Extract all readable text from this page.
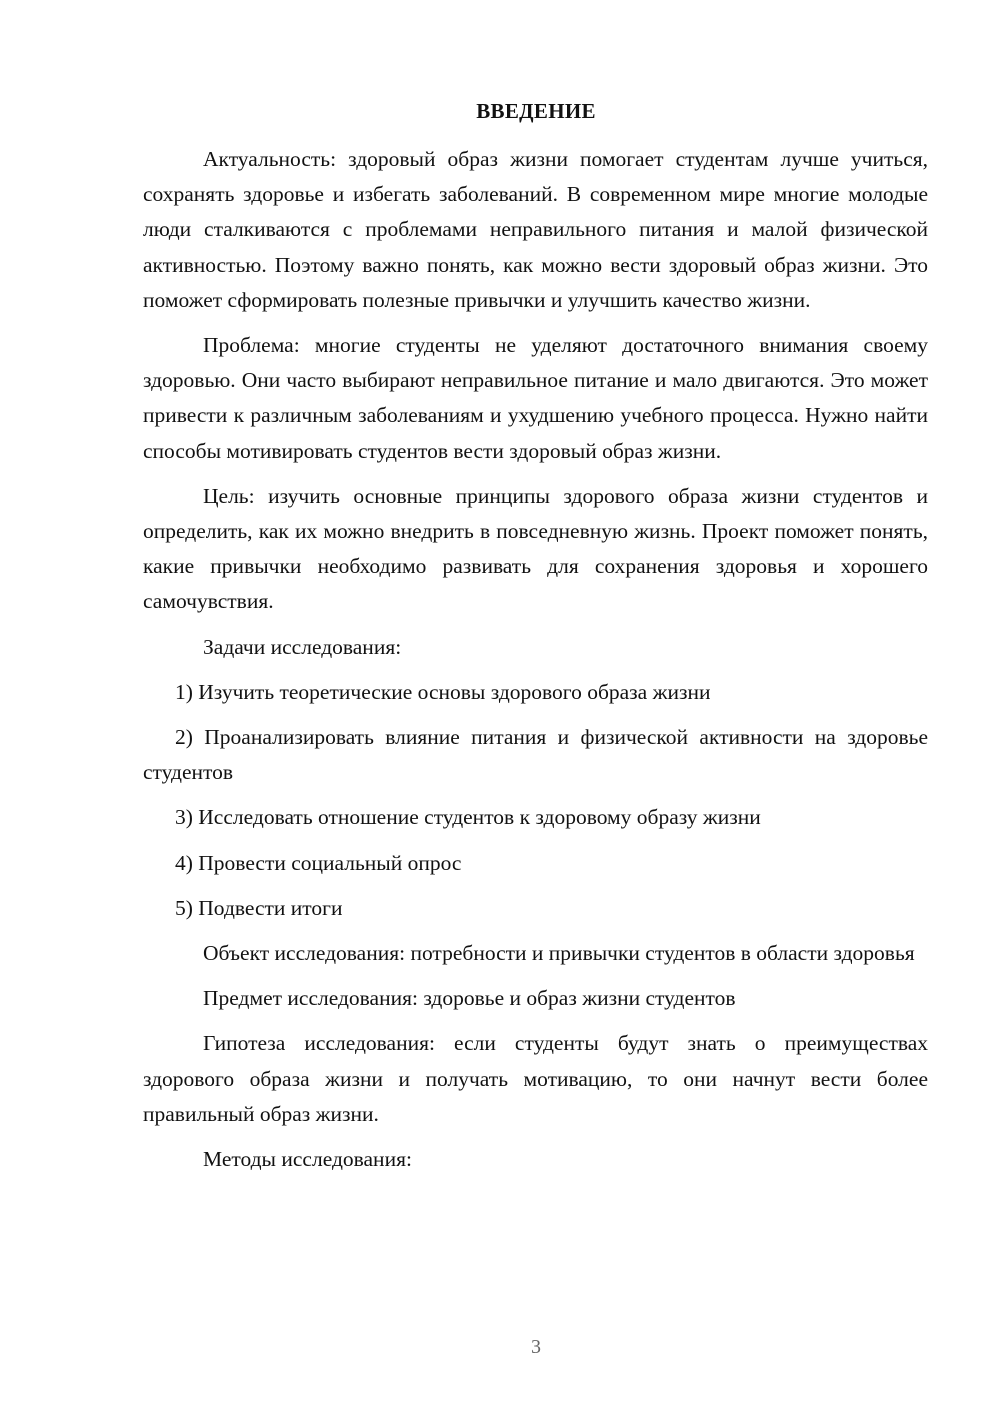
ВВЕДЕНИЕ

Актуальность: здоровый образ жизни помогает студентам лучше учиться, сохранять здоровье и избегать заболеваний. В современном мире многие молодые люди сталкиваются с проблемами неправильного питания и малой физической активностью. Поэтому важно понять, как можно вести здоровый образ жизни. Это поможет сформировать полезные привычки и улучшить качество жизни.

Проблема: многие студенты не уделяют достаточного внимания своему здоровью. Они часто выбирают неправильное питание и мало двигаются. Это может привести к различным заболеваниям и ухудшению учебного процесса. Нужно найти способы мотивировать студентов вести здоровый образ жизни.

Цель: изучить основные принципы здорового образа жизни студентов и определить, как их можно внедрить в повседневную жизнь. Проект поможет понять, какие привычки необходимо развивать для сохранения здоровья и хорошего самочувствия.

Задачи исследования:

1) Изучить теоретические основы здорового образа жизни

2) Проанализировать влияние питания и физической активности на здоровье студентов

3) Исследовать отношение студентов к здоровому образу жизни

4) Провести социальный опрос

5) Подвести итоги

Объект исследования: потребности и привычки студентов в области здоровья

Предмет исследования: здоровье и образ жизни студентов

Гипотеза исследования: если студенты будут знать о преимуществах здорового образа жизни и получать мотивацию, то они начнут вести более правильный образ жизни.

Методы исследования:

3
